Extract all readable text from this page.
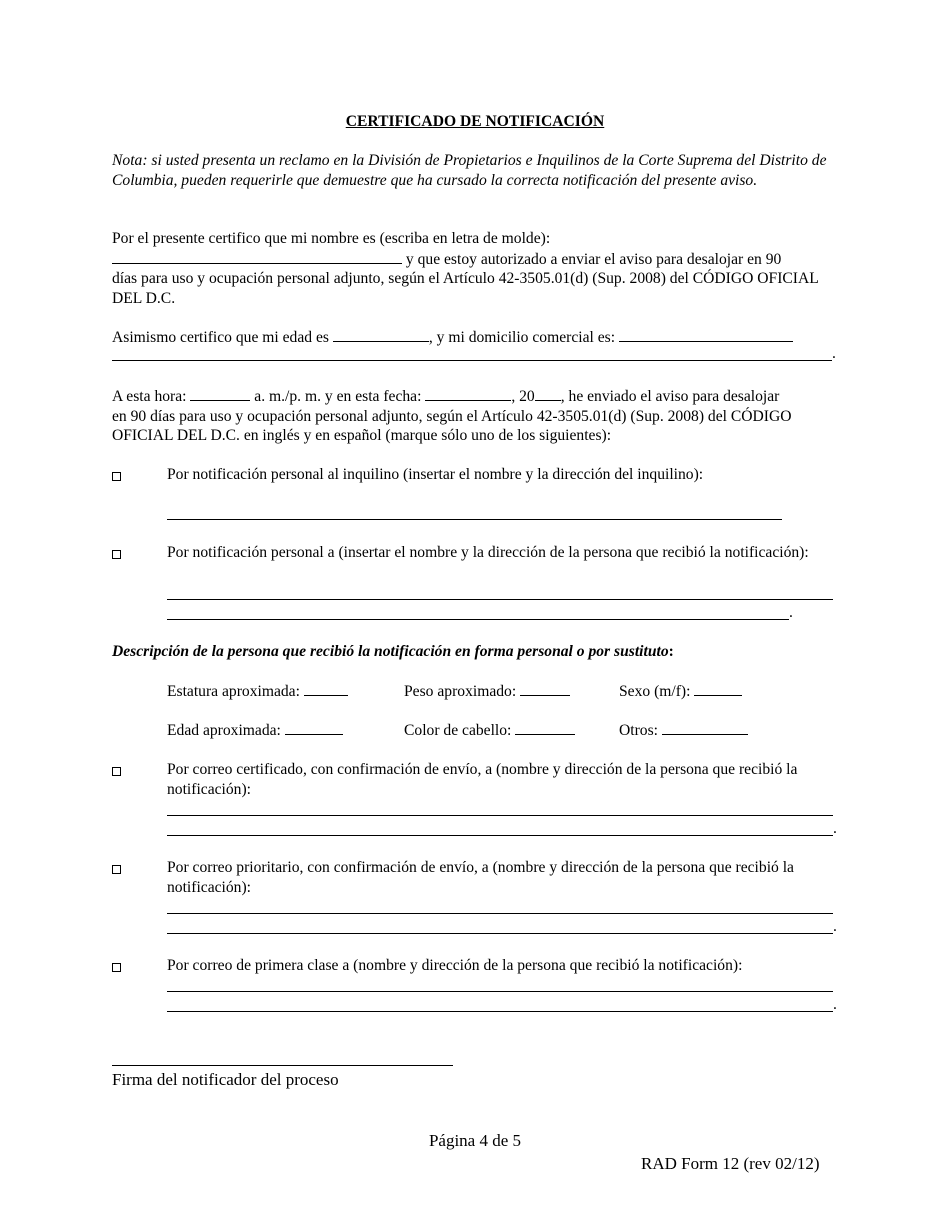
CERTIFICADO DE NOTIFICACIÓN
Nota: si usted presenta un reclamo en la División de Propietarios e Inquilinos de la Corte Suprema del Distrito de Columbia, pueden requerirle que demuestre que ha cursado la correcta notificación del presente aviso.
Por el presente certifico que mi nombre es (escriba en letra de molde):
y que estoy autorizado a enviar el aviso para desalojar en 90
días para uso y ocupación personal adjunto, según el Artículo 42-3505.01(d) (Sup. 2008) del CÓDIGO OFICIAL DEL D.C.
Asimismo certifico que mi edad es	, y mi domicilio comercial es:
.
A esta hora:	a. m./p. m. y en esta fecha:	, 20 , he enviado el aviso para desalojar
en 90 días para uso y ocupación personal adjunto, según el Artículo 42-3505.01(d) (Sup. 2008) del CÓDIGO OFICIAL DEL D.C. en inglés y en español (marque sólo uno de los siguientes):
Por notificación personal al inquilino (insertar el nombre y la dirección del inquilino):
Por notificación personal a (insertar el nombre y la dirección de la persona que recibió la notificación):
.
Descripción de la persona que recibió la notificación en forma personal o por sustituto:
Estatura aproximada:	Peso aproximado:	Sexo (m/f):
Edad aproximada:	Color de cabello:	Otros:
Por correo certificado, con confirmación de envío, a (nombre y dirección de la persona que recibió la notificación):
.
Por correo prioritario, con confirmación de envío, a (nombre y dirección de la persona que recibió la notificación):
.
Por correo de primera clase a (nombre y dirección de la persona que recibió la notificación):
.
Firma del notificador del proceso
Página 4 de 5
RAD Form 12 (rev 02/12)
